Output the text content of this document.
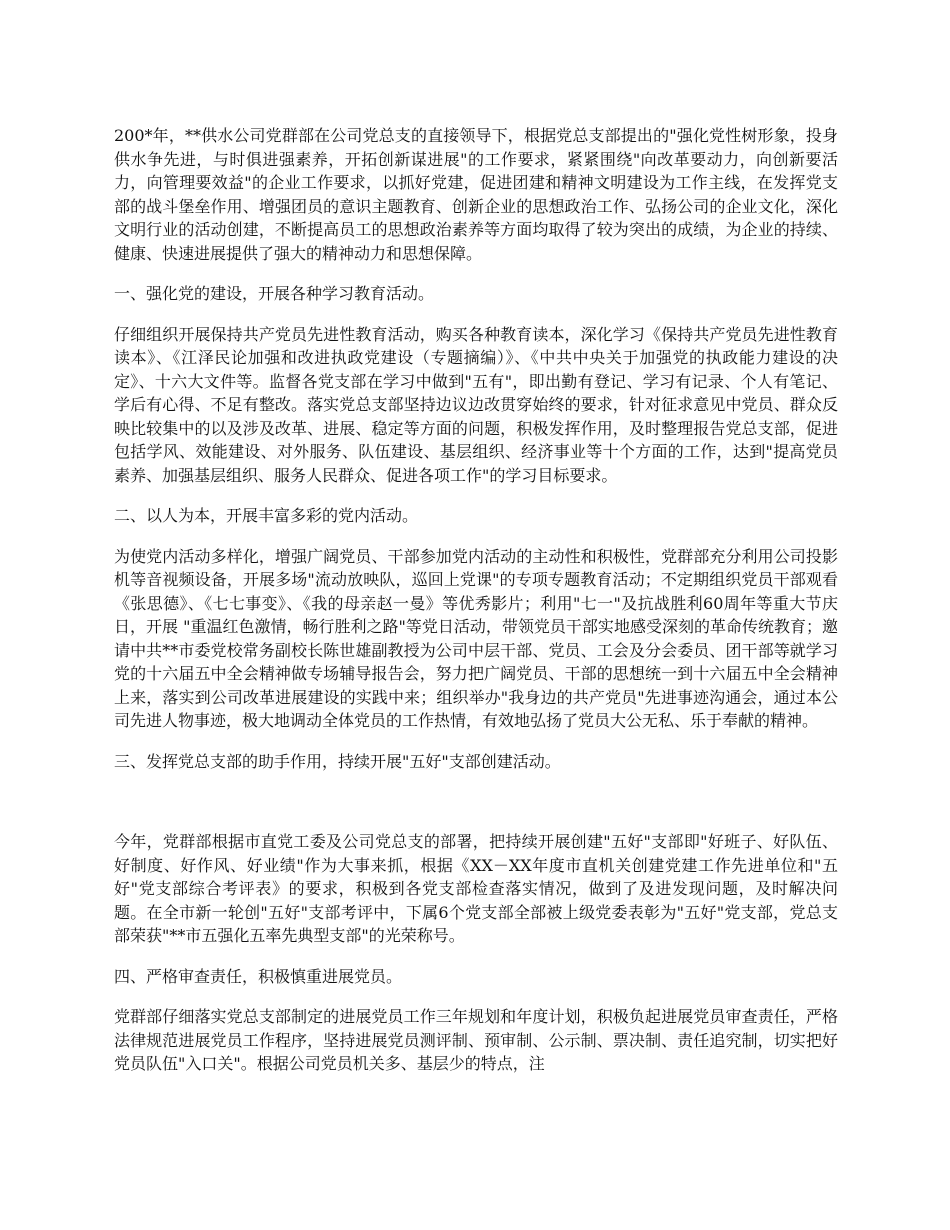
200*年，**供水公司党群部在公司党总支的直接领导下，根据党总支部提出的"强化党性树形象，投身供水争先进，与时俱进强素养，开拓创新谋进展"的工作要求，紧紧围绕"向改革要动力，向创新要活力，向管理要效益"的企业工作要求，以抓好党建，促进团建和精神文明建设为工作主线，在发挥党支部的战斗堡垒作用、增强团员的意识主题教育、创新企业的思想政治工作、弘扬公司的企业文化，深化文明行业的活动创建，不断提高员工的思想政治素养等方面均取得了较为突出的成绩，为企业的持续、健康、快速进展提供了强大的精神动力和思想保障。

一、强化党的建设，开展各种学习教育活动。

仔细组织开展保持共产党员先进性教育活动，购买各种教育读本，深化学习《保持共产党员先进性教育读本》、《江泽民论加强和改进执政党建设（专题摘编）》、《中共中央关于加强党的执政能力建设的决定》、十六大文件等。监督各党支部在学习中做到"五有"，即出勤有登记、学习有记录、个人有笔记、学后有心得、不足有整改。落实党总支部坚持边议边改贯穿始终的要求，针对征求意见中党员、群众反映比较集中的以及涉及改革、进展、稳定等方面的问题，积极发挥作用，及时整理报告党总支部，促进包括学风、效能建设、对外服务、队伍建设、基层组织、经济事业等十个方面的工作，达到"提高党员素养、加强基层组织、服务人民群众、促进各项工作"的学习目标要求。

二、以人为本，开展丰富多彩的党内活动。

为使党内活动多样化，增强广阔党员、干部参加党内活动的主动性和积极性，党群部充分利用公司投影机等音视频设备，开展多场"流动放映队，巡回上党课"的专项专题教育活动；不定期组织党员干部观看《张思德》、《七七事变》、《我的母亲赵一曼》等优秀影片；利用"七一"及抗战胜利60周年等重大节庆日，开展 "重温红色激情，畅行胜利之路"等党日活动，带领党员干部实地感受深刻的革命传统教育；邀请中共**市委党校常务副校长陈世雄副教授为公司中层干部、党员、工会及分会委员、团干部等就学习党的十六届五中全会精神做专场辅导报告会，努力把广阔党员、干部的思想统一到十六届五中全会精神上来，落实到公司改革进展建设的实践中来；组织举办"我身边的共产党员"先进事迹沟通会，通过本公司先进人物事迹，极大地调动全体党员的工作热情，有效地弘扬了党员大公无私、乐于奉献的精神。

三、发挥党总支部的助手作用，持续开展"五好"支部创建活动。

今年，党群部根据市直党工委及公司党总支的部署，把持续开展创建"五好"支部即"好班子、好队伍、好制度、好作风、好业绩"作为大事来抓，根据《XX－XX年度市直机关创建党建工作先进单位和"五好"党支部综合考评表》的要求，积极到各党支部检查落实情况，做到了及进发现问题，及时解决问题。在全市新一轮创"五好"支部考评中，下属6个党支部全部被上级党委表彰为"五好"党支部，党总支部荣获"**市五强化五率先典型支部"的光荣称号。

四、严格审查责任，积极慎重进展党员。

党群部仔细落实党总支部制定的进展党员工作三年规划和年度计划，积极负起进展党员审查责任，严格法律规范进展党员工作程序，坚持进展党员测评制、预审制、公示制、票决制、责任追究制，切实把好党员队伍"入口关"。根据公司党员机关多、基层少的特点，注
